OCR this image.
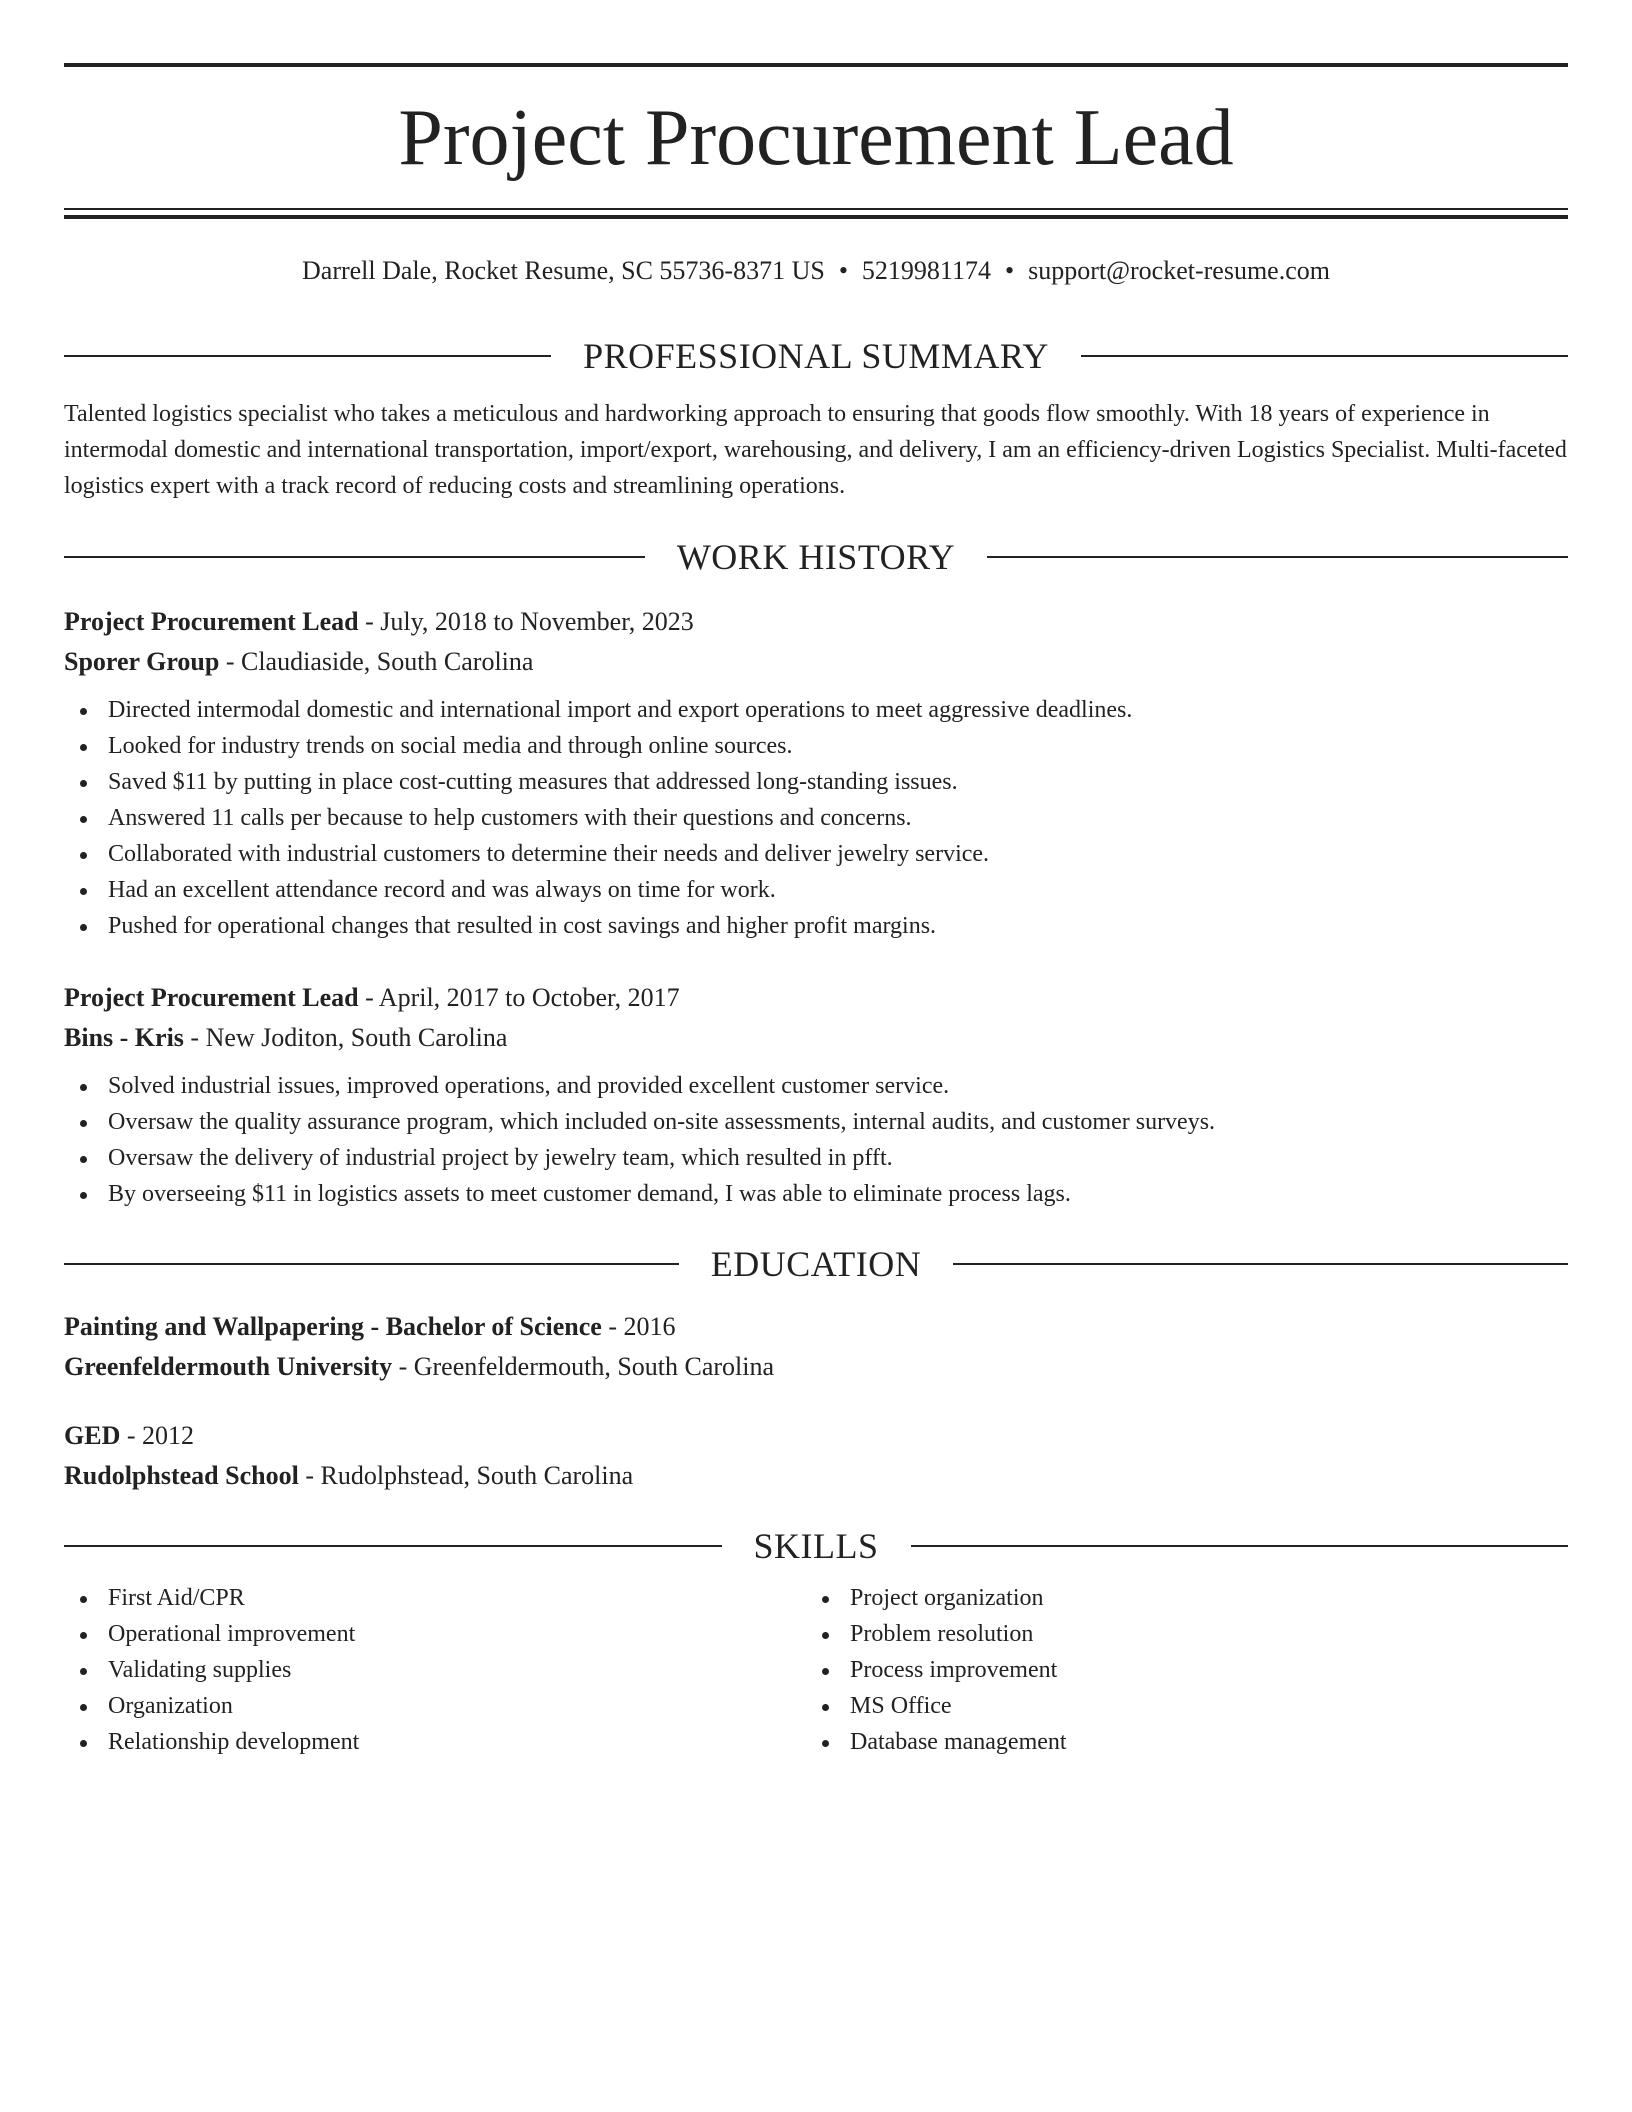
Project Procurement Lead
Darrell Dale, Rocket Resume, SC 55736-8371 US • 5219981174 • support@rocket-resume.com
PROFESSIONAL SUMMARY

Talented logistics specialist who takes a meticulous and hardworking approach to ensuring that goods flow smoothly. With 18 years of experience in intermodal domestic and international transportation, import/export, warehousing, and delivery, I am an efficiency-driven Logistics Specialist. Multi-faceted logistics expert with a track record of reducing costs and streamlining operations.

WORK HISTORY

Project Procurement Lead - July, 2018 to November, 2023

Sporer Group - Claudiaside, South Carolina

Directed intermodal domestic and international import and export operations to meet aggressive deadlines.
Looked for industry trends on social media and through online sources.
Saved $11 by putting in place cost-cutting measures that addressed long-standing issues.
Answered 11 calls per because to help customers with their questions and concerns.
Collaborated with industrial customers to determine their needs and deliver jewelry service.
Had an excellent attendance record and was always on time for work.
Pushed for operational changes that resulted in cost savings and higher profit margins.

Project Procurement Lead - April, 2017 to October, 2017

Bins - Kris - New Joditon, South Carolina

Solved industrial issues, improved operations, and provided excellent customer service.
Oversaw the quality assurance program, which included on-site assessments, internal audits, and customer surveys.
Oversaw the delivery of industrial project by jewelry team, which resulted in pfft.
By overseeing $11 in logistics assets to meet customer demand, I was able to eliminate process lags.
EDUCATION

Painting and Wallpapering - Bachelor of Science - 2016

Greenfeldermouth University - Greenfeldermouth, South Carolina

GED - 2012

Rudolphstead School - Rudolphstead, South Carolina

SKILLS
First Aid/CPR
Operational improvement
Validating supplies
Organization
Relationship development
Project organization
Problem resolution
Process improvement
MS Office
Database management
